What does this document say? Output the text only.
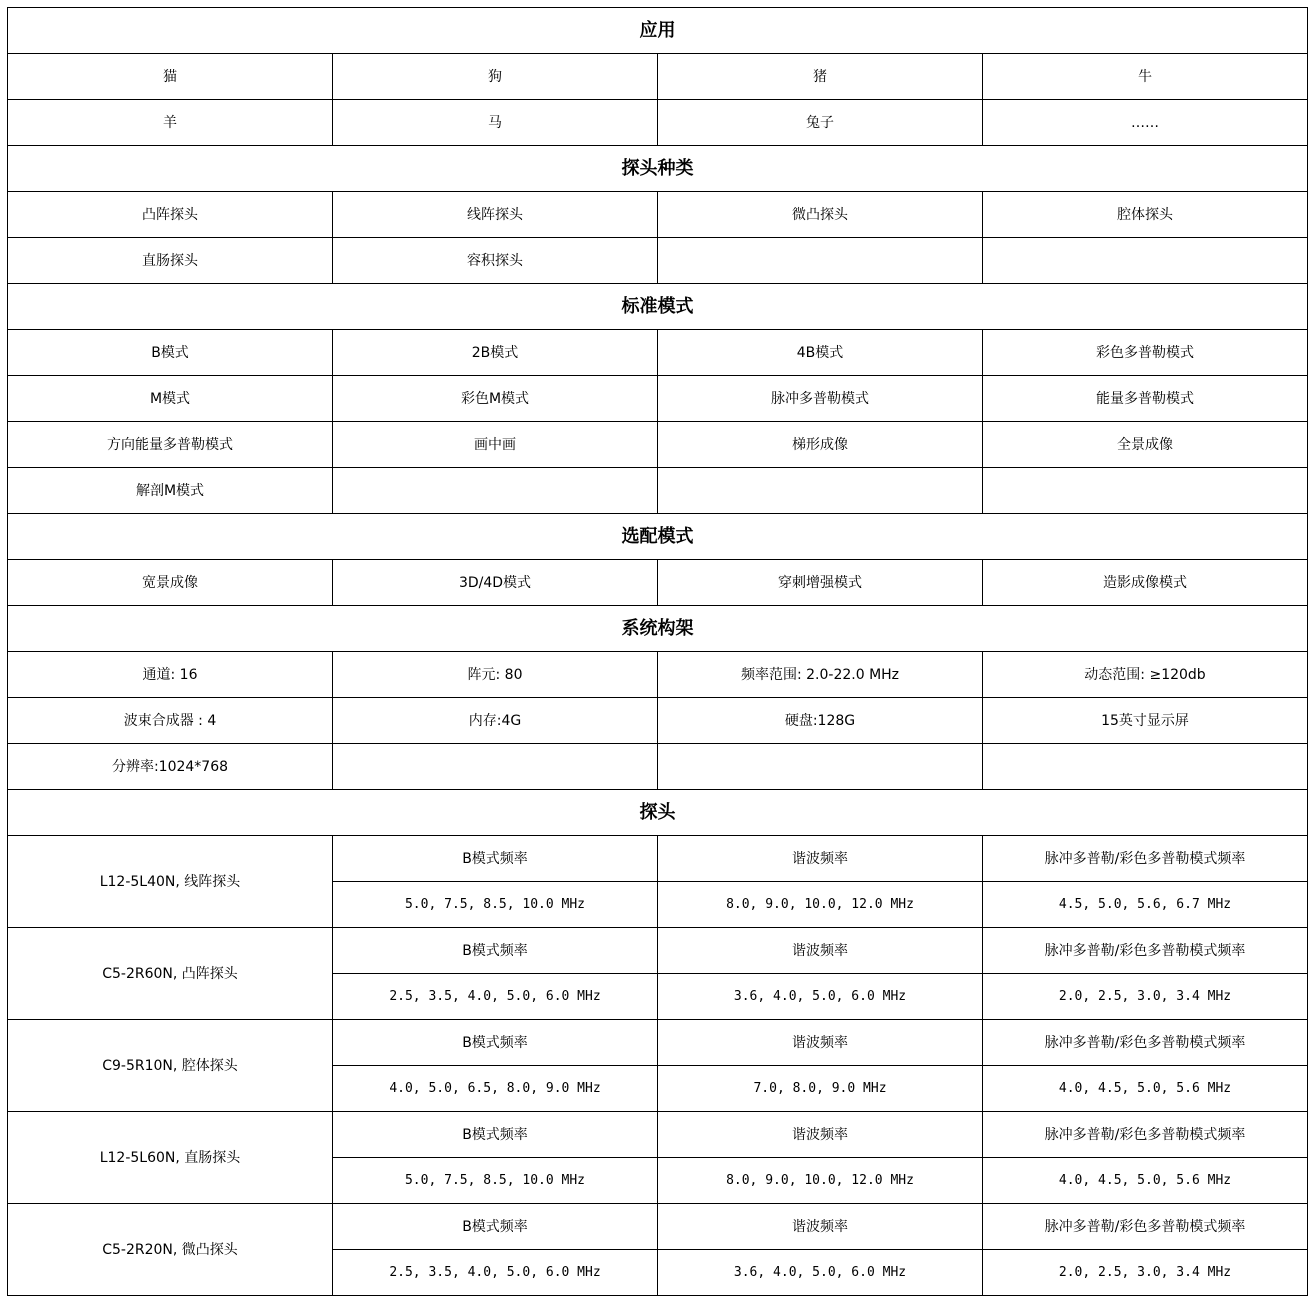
应用			
猫	狗	猪	牛
羊	马	兔子	……
探头种类			
凸阵探头	线阵探头	微凸探头	腔体探头
直肠探头	容积探头		
标准模式			
B模式	2B模式	4B模式	彩色多普勒模式
M模式	彩色M模式	脉冲多普勒模式	能量多普勒模式
方向能量多普勒模式	画中画	梯形成像	全景成像
解剖M模式			
选配模式			
宽景成像	3D/4D模式	穿刺增强模式	造影成像模式
系统构架			
通道: 16	阵元: 80	频率范围: 2.0-22.0 MHz	动态范围: ≥120db
波束合成器 : 4	内存:4G	硬盘:128G	15英寸显示屏
分辨率:1024*768			
探头			
L12-5L40N, 线阵探头	B模式频率	谐波频率	脉冲多普勒/彩色多普勒模式频率
	5.0, 7.5, 8.5, 10.0 MHz	8.0, 9.0, 10.0, 12.0 MHz	4.5, 5.0, 5.6, 6.7 MHz
C5-2R60N, 凸阵探头	B模式频率	谐波频率	脉冲多普勒/彩色多普勒模式频率
	2.5, 3.5, 4.0, 5.0, 6.0 MHz	3.6, 4.0, 5.0, 6.0 MHz	2.0, 2.5, 3.0, 3.4 MHz
C9-5R10N, 腔体探头	B模式频率	谐波频率	脉冲多普勒/彩色多普勒模式频率
	4.0, 5.0, 6.5, 8.0, 9.0 MHz	7.0, 8.0, 9.0 MHz	4.0, 4.5, 5.0, 5.6 MHz
L12-5L60N, 直肠探头	B模式频率	谐波频率	脉冲多普勒/彩色多普勒模式频率
	5.0, 7.5, 8.5, 10.0 MHz	8.0, 9.0, 10.0, 12.0 MHz	4.0, 4.5, 5.0, 5.6 MHz
C5-2R20N, 微凸探头	B模式频率	谐波频率	脉冲多普勒/彩色多普勒模式频率
	2.5, 3.5, 4.0, 5.0, 6.0 MHz	3.6, 4.0, 5.0, 6.0 MHz	2.0, 2.5, 3.0, 3.4 MHz
